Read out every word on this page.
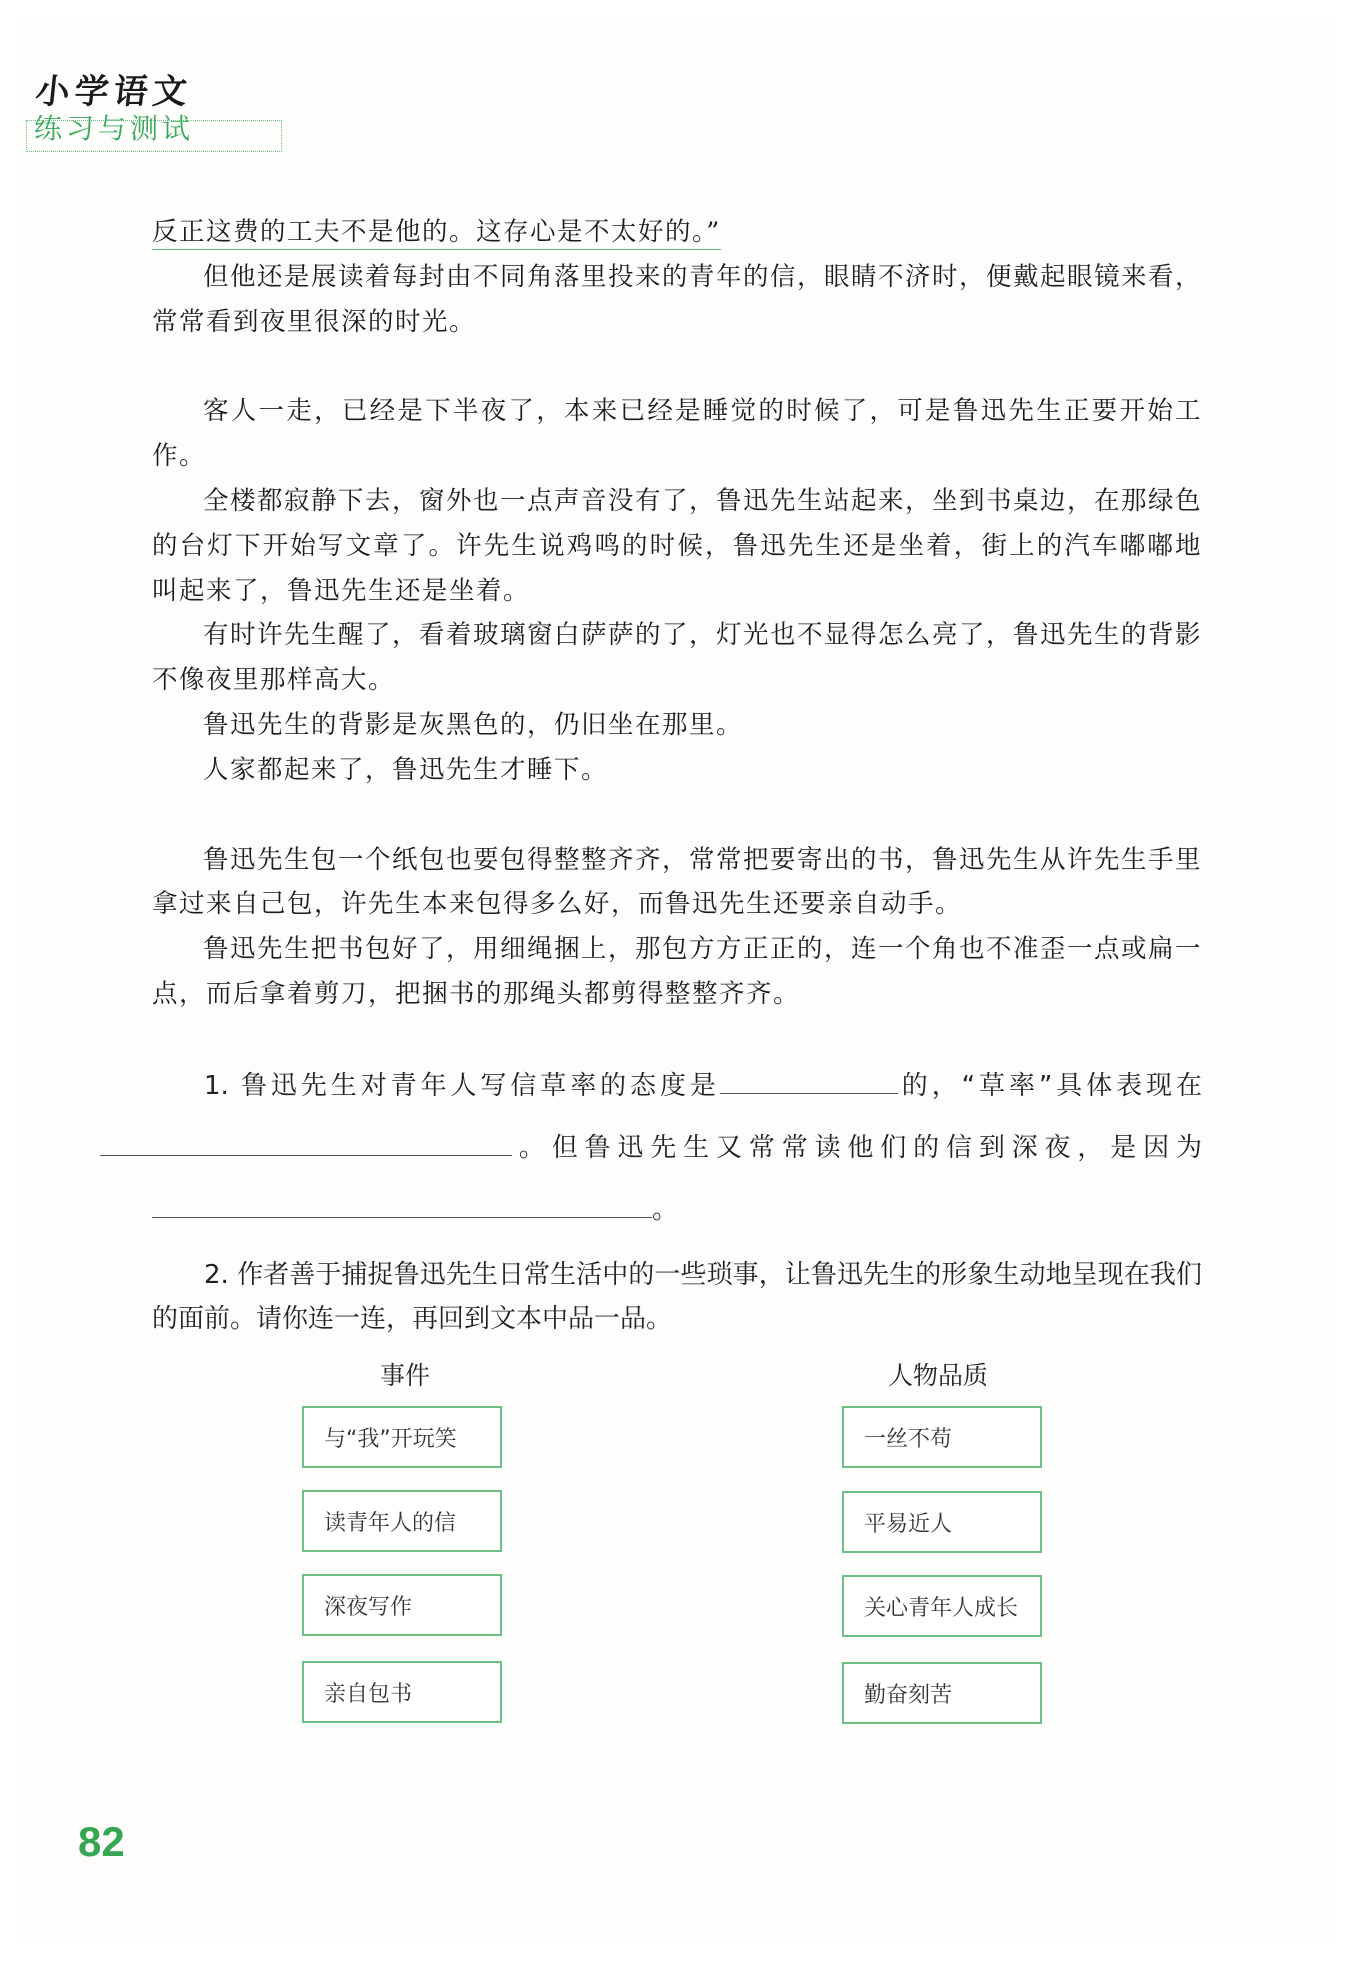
小学语文
练习与测试

反正这费的工夫不是他的。这存心是不太好的。”

但他还是展读着每封由不同角落里投来的青年的信，眼睛不济时，便戴起眼镜来看，常常看到夜里很深的时光。

客人一走，已经是下半夜了，本来已经是睡觉的时候了，可是鲁迅先生正要开始工作。

全楼都寂静下去，窗外也一点声音没有了，鲁迅先生站起来，坐到书桌边，在那绿色的台灯下开始写文章了。许先生说鸡鸣的时候，鲁迅先生还是坐着，街上的汽车嘟嘟地叫起来了，鲁迅先生还是坐着。

有时许先生醒了，看着玻璃窗白萨萨的了，灯光也不显得怎么亮了，鲁迅先生的背影不像夜里那样高大。

鲁迅先生的背影是灰黑色的，仍旧坐在那里。

人家都起来了，鲁迅先生才睡下。

鲁迅先生包一个纸包也要包得整整齐齐，常常把要寄出的书，鲁迅先生从许先生手里拿过来自己包，许先生本来包得多么好，而鲁迅先生还要亲自动手。

鲁迅先生把书包好了，用细绳捆上，那包方方正正的，连一个角也不准歪一点或扁一点，而后拿着剪刀，把捆书的那绳头都剪得整整齐齐。

1. 鲁迅先生对青年人写信草率的态度是	的，“草率”具体表现在。但鲁迅先生又常常读他们的信到深夜，是因为。

2. 作者善于捕捉鲁迅先生日常生活中的一些琐事，让鲁迅先生的形象生动地呈现在我们的面前。请你连一连，再回到文本中品一品。

事件	人物品质
与“我”开玩笑
读青年人的信
深夜写作
亲自包书
一丝不苟
平易近人
关心青年人成长
勤奋刻苦
82
